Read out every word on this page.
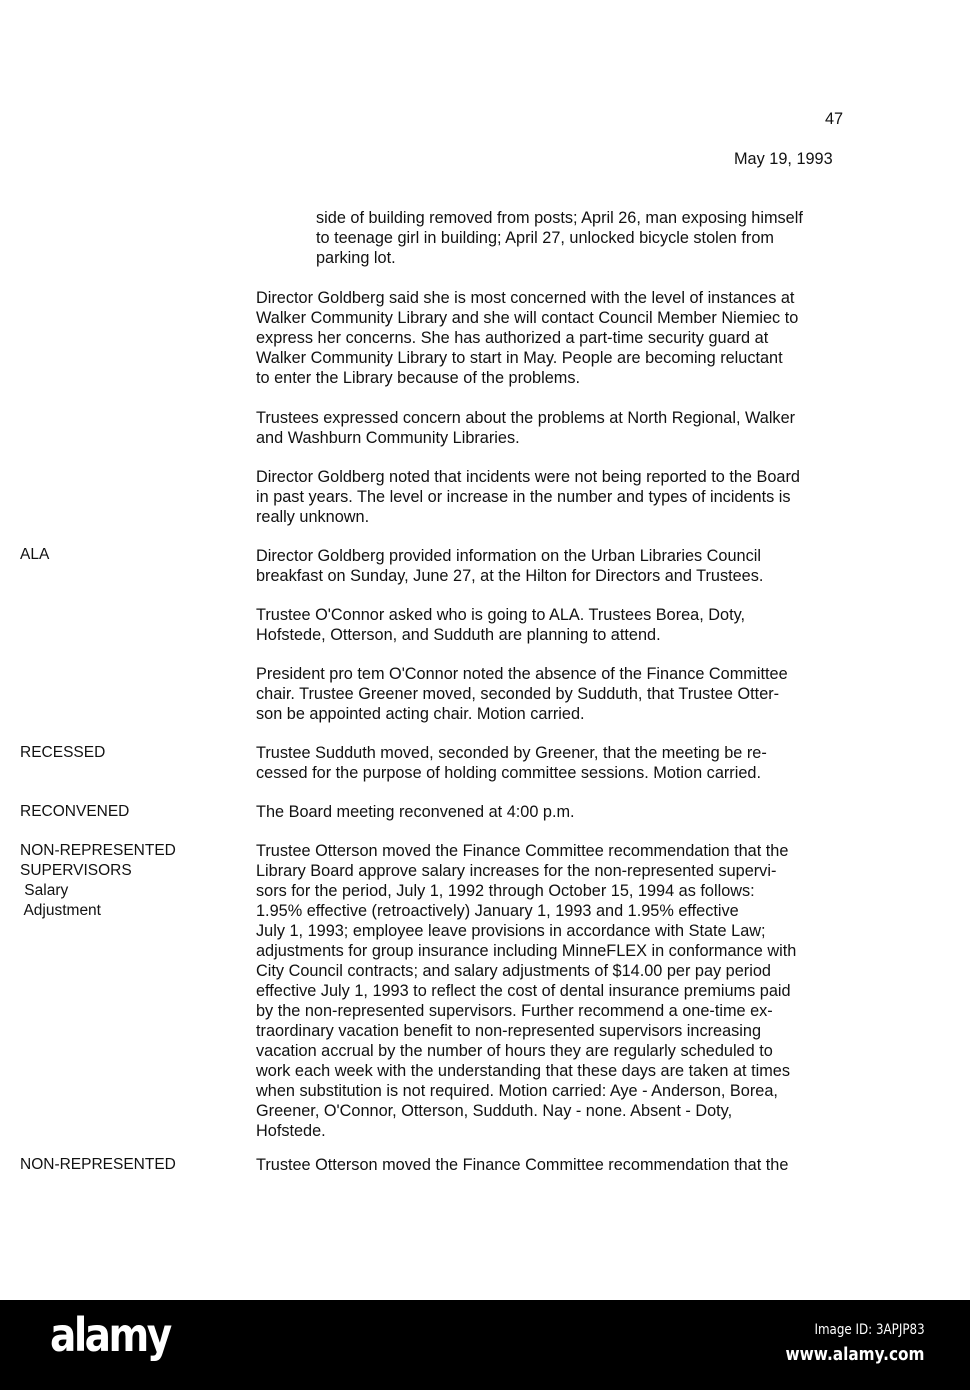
47
May 19, 1993
ALA
RECESSED
RECONVENED
NON-REPRESENTED
SUPERVISORS
Salary
Adjustment
NON-REPRESENTED
side of building removed from posts; April 26, man exposing himself
to teenage girl in building; April 27, unlocked bicycle stolen from
parking lot.
Director Goldberg said she is most concerned with the level of instances at
Walker Community Library and she will contact Council Member Niemiec to
express her concerns. She has authorized a part-time security guard at
Walker Community Library to start in May. People are becoming reluctant
to enter the Library because of the problems.
Trustees expressed concern about the problems at North Regional, Walker
and Washburn Community Libraries.
Director Goldberg noted that incidents were not being reported to the Board
in past years. The level or increase in the number and types of incidents is
really unknown.
Director Goldberg provided information on the Urban Libraries Council
breakfast on Sunday, June 27, at the Hilton for Directors and Trustees.
Trustee O'Connor asked who is going to ALA. Trustees Borea, Doty,
Hofstede, Otterson, and Sudduth are planning to attend.
President pro tem O'Connor noted the absence of the Finance Committee
chair. Trustee Greener moved, seconded by Sudduth, that Trustee Otter-
son be appointed acting chair. Motion carried.
Trustee Sudduth moved, seconded by Greener, that the meeting be re-
cessed for the purpose of holding committee sessions. Motion carried.
The Board meeting reconvened at 4:00 p.m.
Trustee Otterson moved the Finance Committee recommendation that the
Library Board approve salary increases for the non-represented supervi-
sors for the period, July 1, 1992 through October 15, 1994 as follows:
1.95% effective (retroactively) January 1, 1993 and 1.95% effective
July 1, 1993; employee leave provisions in accordance with State Law;
adjustments for group insurance including MinneFLEX in conformance with
City Council contracts; and salary adjustments of $14.00 per pay period
effective July 1, 1993 to reflect the cost of dental insurance premiums paid
by the non-represented supervisors. Further recommend a one-time ex-
traordinary vacation benefit to non-represented supervisors increasing
vacation accrual by the number of hours they are regularly scheduled to
work each week with the understanding that these days are taken at times
when substitution is not required. Motion carried: Aye - Anderson, Borea,
Greener, O'Connor, Otterson, Sudduth. Nay - none. Absent - Doty,
Hofstede.
Trustee Otterson moved the Finance Committee recommendation that the
alamy	Image ID: 3APJP83
www.alamy.com
